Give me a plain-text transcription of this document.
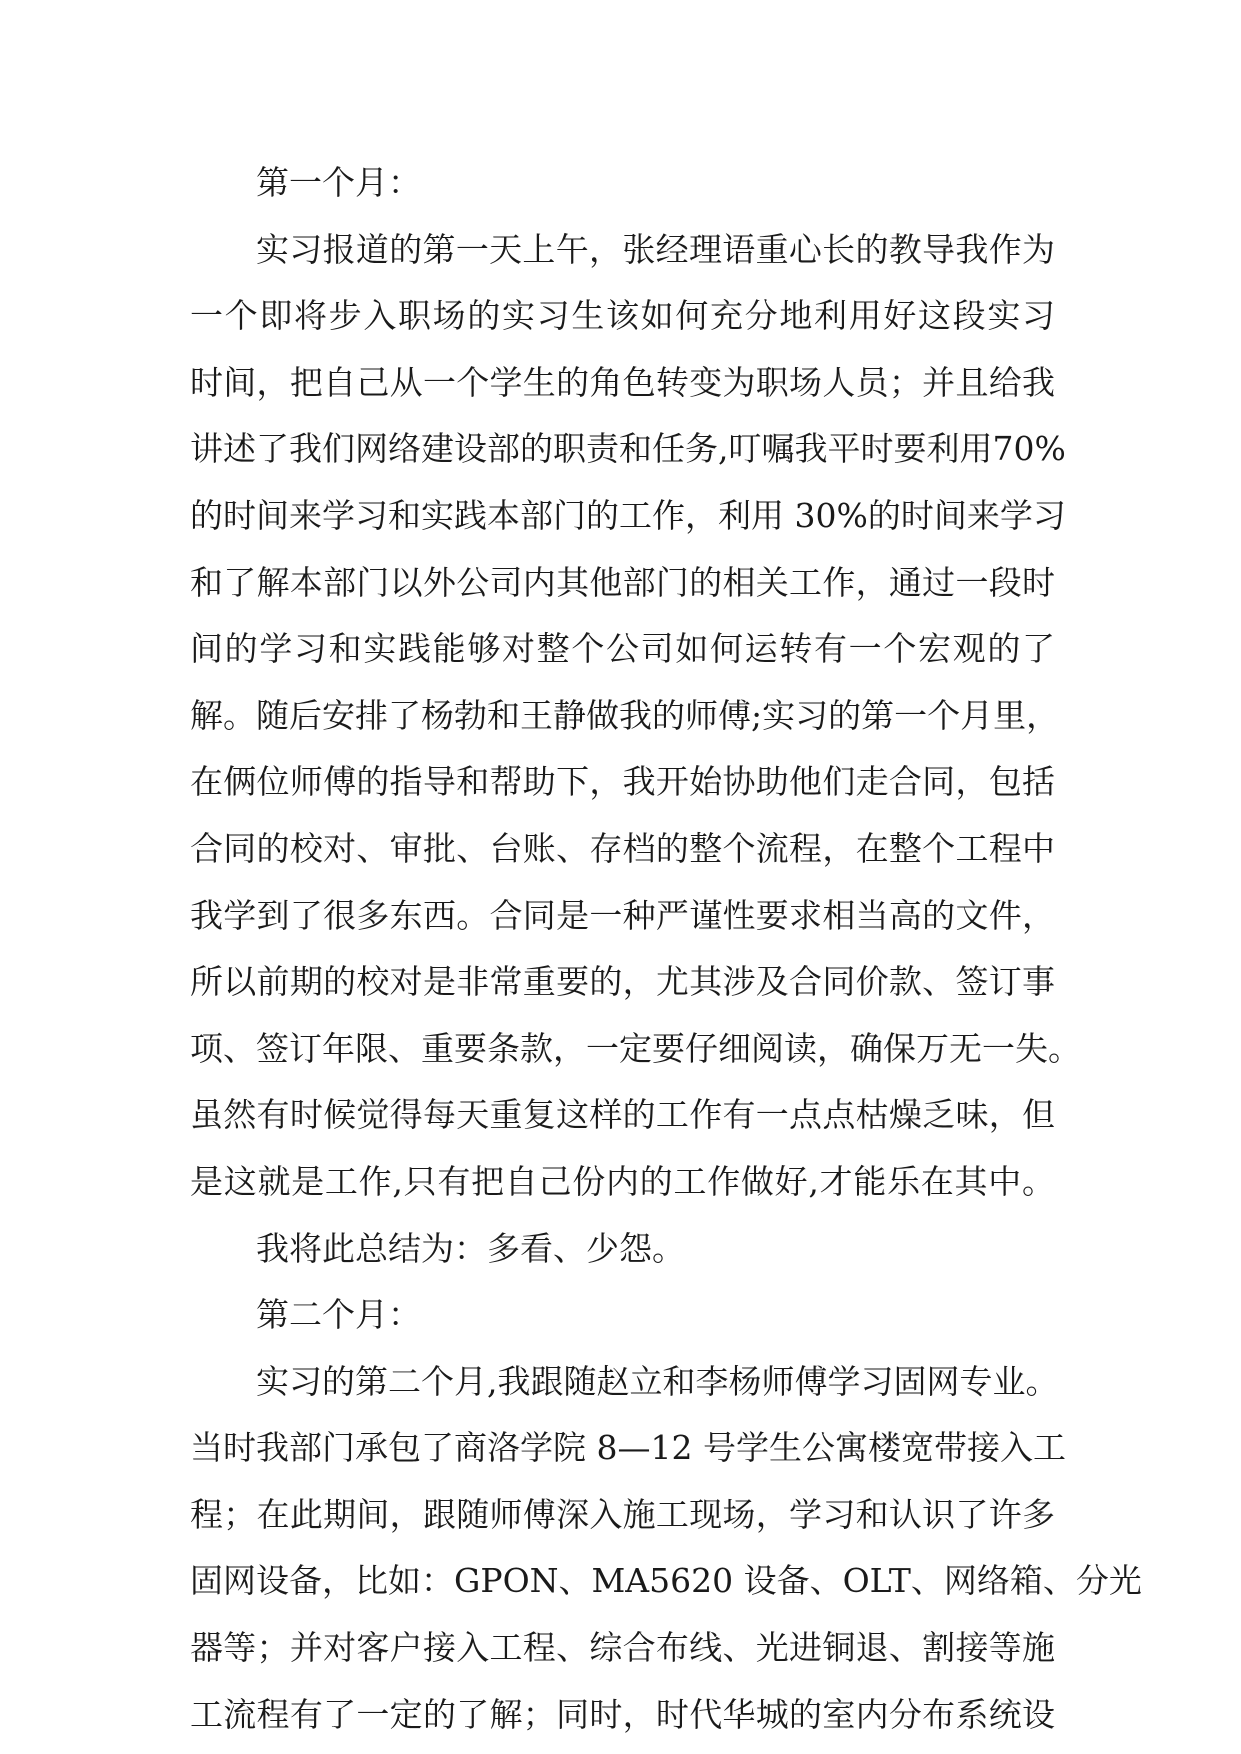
第一个月：
实习报道的第一天上午，张经理语重心长的教导我作为
一个即将步入职场的实习生该如何充分地利用好这段实习
时间，把自己从一个学生的角色转变为职场人员；并且给我
讲述了我们网络建设部的职责和任务,叮嘱我平时要利用70%
的时间来学习和实践本部门的工作，利用 30%的时间来学习
和了解本部门以外公司内其他部门的相关工作，通过一段时
间的学习和实践能够对整个公司如何运转有一个宏观的了
解。随后安排了杨勃和王静做我的师傅;实习的第一个月里，
在俩位师傅的指导和帮助下，我开始协助他们走合同，包括
合同的校对、审批、台账、存档的整个流程，在整个工程中
我学到了很多东西。合同是一种严谨性要求相当高的文件，
所以前期的校对是非常重要的，尤其涉及合同价款、签订事
项、签订年限、重要条款，一定要仔细阅读，确保万无一失。
虽然有时候觉得每天重复这样的工作有一点点枯燥乏味，但
是这就是工作,只有把自己份内的工作做好,才能乐在其中。
我将此总结为：多看、少怨。
第二个月：
实习的第二个月,我跟随赵立和李杨师傅学习固网专业。
当时我部门承包了商洛学院 8—12 号学生公寓楼宽带接入工
程；在此期间，跟随师傅深入施工现场，学习和认识了许多
固网设备，比如：GPON、MA5620 设备、OLT、网络箱、分光
器等；并对客户接入工程、综合布线、光进铜退、割接等施
工流程有了一定的了解；同时，时代华城的室内分布系统设
